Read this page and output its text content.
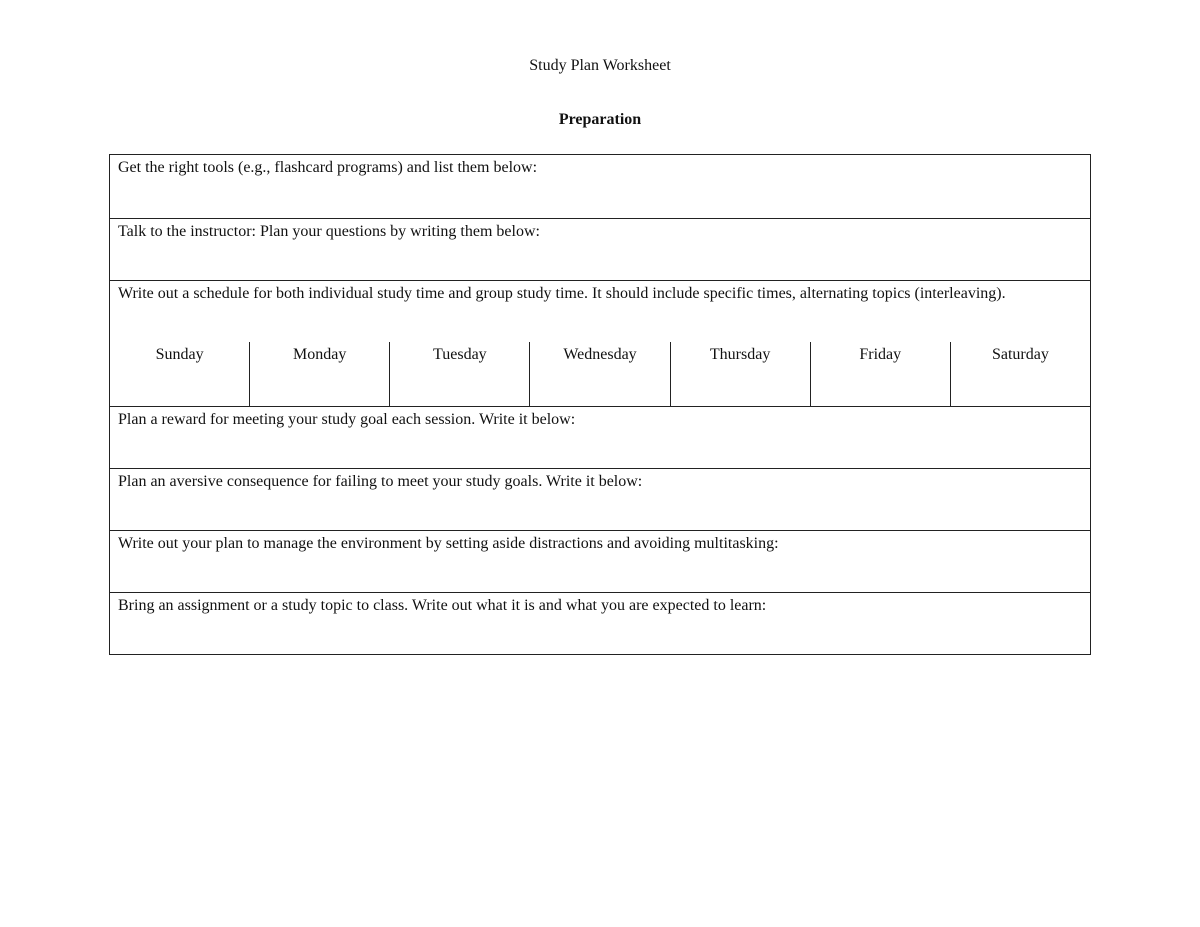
Study Plan Worksheet
Preparation
Get the right tools (e.g., flashcard programs) and list them below:
Talk to the instructor: Plan your questions by writing them below:
Write out a schedule for both individual study time and group study time. It should include specific times, alternating topics (interleaving).
Sunday	Monday	Tuesday	Wednesday	Thursday	Friday	Saturday
Plan a reward for meeting your study goal each session. Write it below:
Plan an aversive consequence for failing to meet your study goals. Write it below:
Write out your plan to manage the environment by setting aside distractions and avoiding multitasking:
Bring an assignment or a study topic to class. Write out what it is and what you are expected to learn:
